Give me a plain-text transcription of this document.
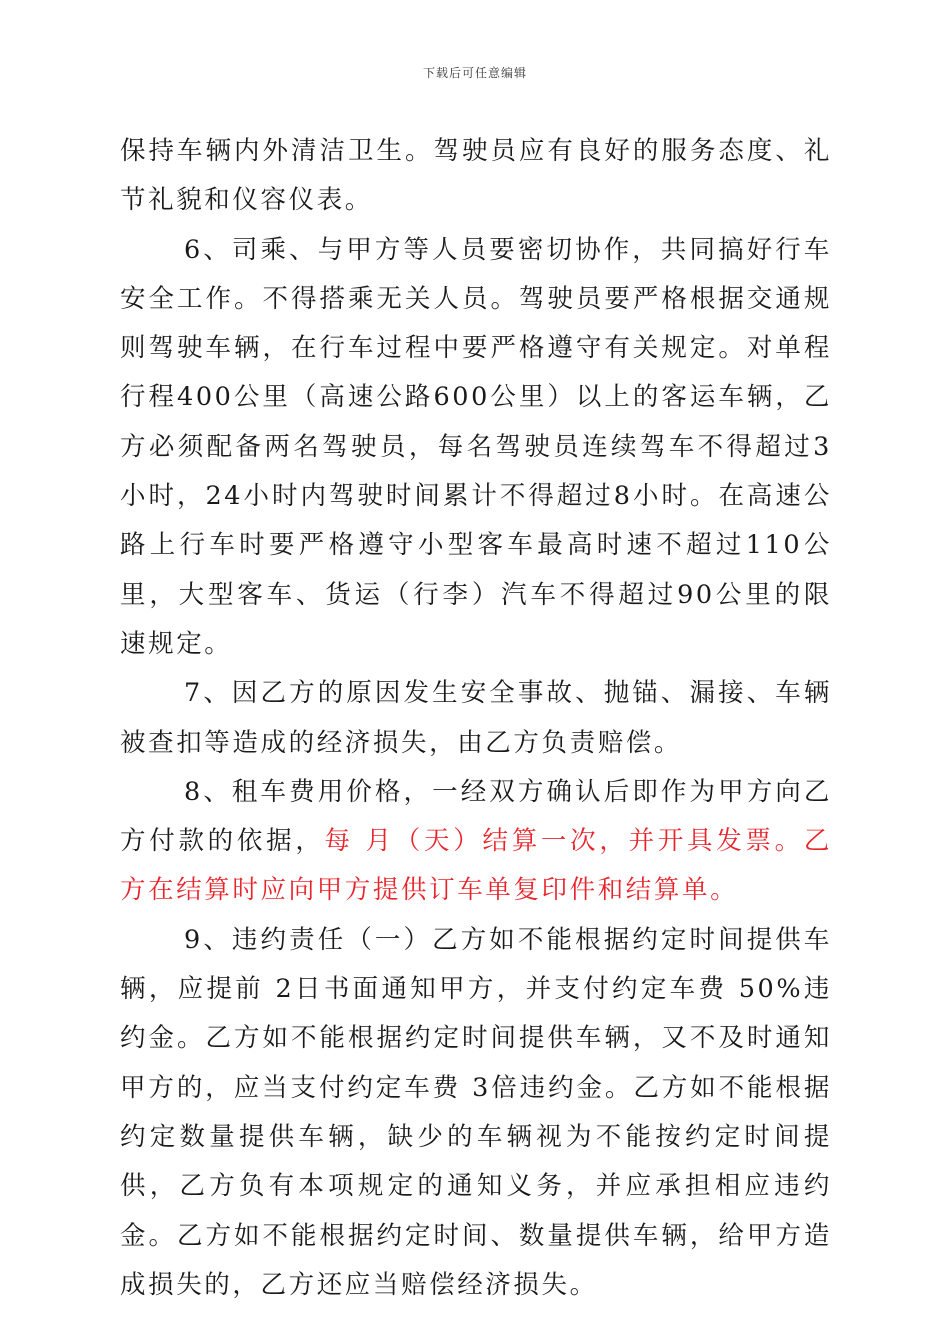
下载后可任意编辑

保持车辆内外清洁卫生。驾驶员应有良好的服务态度、礼节礼貌和仪容仪表。

6、司乘、与甲方等人员要密切协作，共同搞好行车安全工作。不得搭乘无关人员。驾驶员要严格根据交通规则驾驶车辆，在行车过程中要严格遵守有关规定。对单程行程400公里（高速公路600公里）以上的客运车辆，乙方必须配备两名驾驶员，每名驾驶员连续驾车不得超过3小时，24小时内驾驶时间累计不得超过8小时。在高速公路上行车时要严格遵守小型客车最高时速不超过110公里，大型客车、货运（行李）汽车不得超过90公里的限速规定。

7、因乙方的原因发生安全事故、抛锚、漏接、车辆被查扣等造成的经济损失，由乙方负责赔偿。

8、租车费用价格，一经双方确认后即作为甲方向乙方付款的依据，每 月（天）结算一次，并开具发票。乙方在结算时应向甲方提供订车单复印件和结算单。

9、违约责任（一）乙方如不能根据约定时间提供车辆，应提前 2日书面通知甲方，并支付约定车费 50%违约金。乙方如不能根据约定时间提供车辆，又不及时通知甲方的，应当支付约定车费 3倍违约金。乙方如不能根据约定数量提供车辆，缺少的车辆视为不能按约定时间提供，乙方负有本项规定的通知义务，并应承担相应违约金。乙方如不能根据约定时间、数量提供车辆，给甲方造成损失的，乙方还应当赔偿经济损失。
